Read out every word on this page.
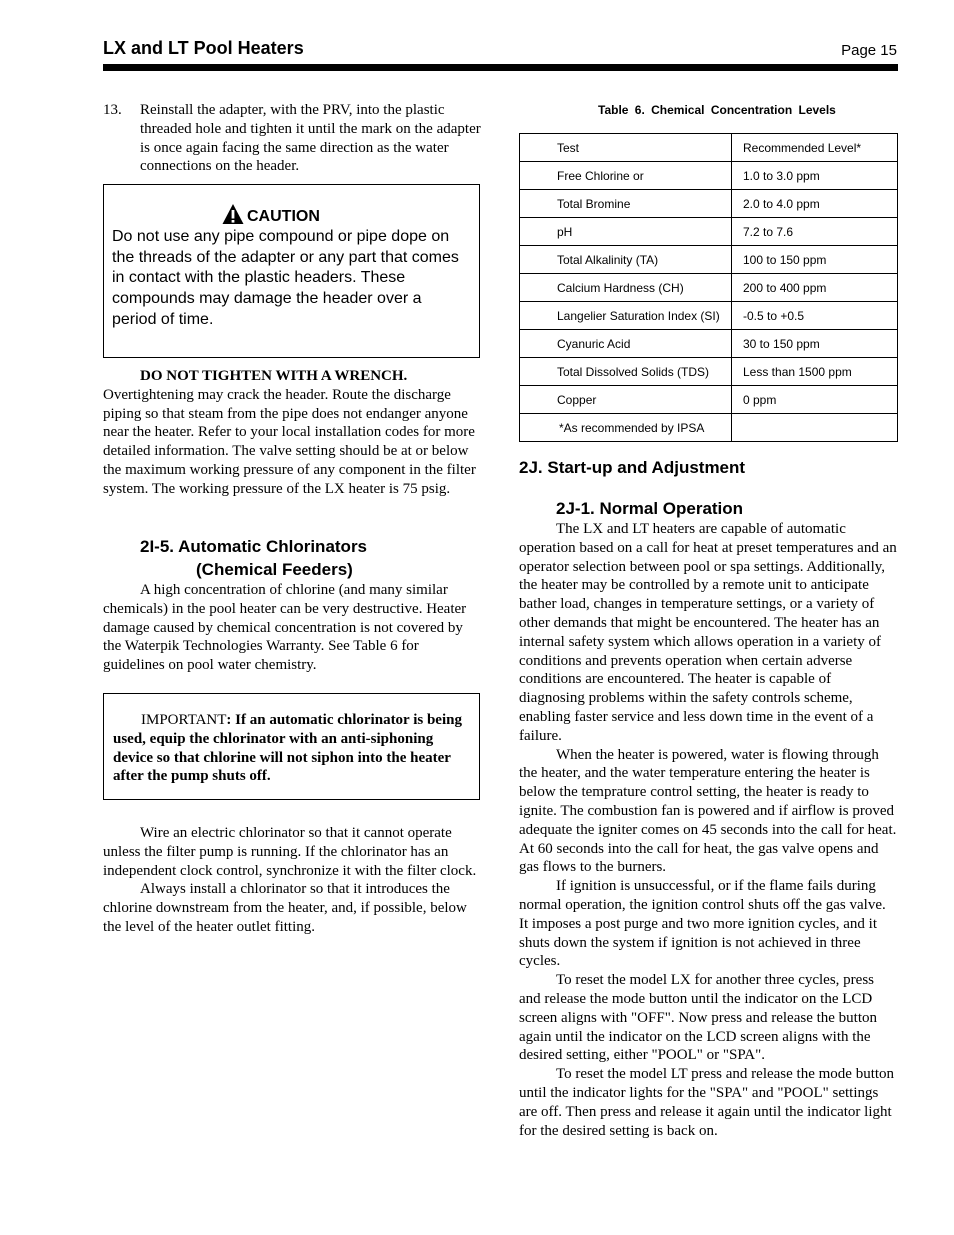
LX and LT Pool Heaters	Page 15
13. Reinstall the adapter, with the PRV, into the plastic threaded hole and tighten it until the mark on the adapter is once again facing the same direction as the water connections on the header.

CAUTION
Do not use any pipe compound or pipe dope on the threads of the adapter or any part that comes in contact with the plastic headers. These compounds may damage the header over a period of time.

DO NOT TIGHTEN WITH A WRENCH.

Overtightening may crack the header. Route the discharge piping so that steam from the pipe does not endanger anyone near the heater. Refer to your local installation codes for more detailed information. The valve setting should be at or below the maximum working pressure of any component in the filter system. The working pressure of the LX heater is 75 psig.

2I-5. Automatic Chlorinators
(Chemical Feeders)

A high concentration of chlorine (and many similar chemicals) in the pool heater can be very destructive. Heater damage caused by chemical concentration is not covered by the Waterpik Technologies Warranty. See Table 6 for guidelines on pool water chemistry.

IMPORTANT: If an automatic chlorinator is being used, equip the chlorinator with an anti-siphoning device so that chlorine will not siphon into the heater after the pump shuts off.

Wire an electric chlorinator so that it cannot operate unless the filter pump is running. If the chlorinator has an independent clock control, synchronize it with the filter clock.

Always install a chlorinator so that it introduces the chlorine downstream from the heater, and, if possible, below the level of the heater outlet fitting.

Table 6. Chemical Concentration Levels
Test	Recommended Level*
Free Chlorine or	1.0 to 3.0 ppm
Total Bromine	2.0 to 4.0 ppm
pH	7.2 to 7.6
Total Alkalinity (TA)	100 to 150 ppm
Calcium Hardness (CH)	200 to 400 ppm
Langelier Saturation Index (SI)	-0.5 to +0.5
Cyanuric Acid	30 to 150 ppm
Total Dissolved Solids (TDS)	Less than 1500 ppm
Copper	0 ppm
*As recommended by IPSA	
2J. Start-up and Adjustment
2J-1. Normal Operation

The LX and LT heaters are capable of automatic operation based on a call for heat at preset temperatures and an operator selection between pool or spa settings. Additionally, the heater may be controlled by a remote unit to anticipate bather load, changes in temperature settings, or a variety of other demands that might be encountered. The heater has an internal safety system which allows operation in a variety of conditions and prevents operation when certain adverse conditions are encountered. The heater is capable of diagnosing problems within the safety controls scheme, enabling faster service and less down time in the event of a failure.

When the heater is powered, water is flowing through the heater, and the water temperature entering the heater is below the temprature control setting, the heater is ready to ignite. The combustion fan is powered and if airflow is proved adequate the igniter comes on 45 seconds into the call for heat. At 60 seconds into the call for heat, the gas valve opens and gas flows to the burners.

If ignition is unsuccessful, or if the flame fails during normal operation, the ignition control shuts off the gas valve. It imposes a post purge and two more ignition cycles, and it shuts down the system if ignition is not achieved in three cycles.

To reset the model LX for another three cycles, press and release the mode button until the indicator on the LCD screen aligns with "OFF". Now press and release the button again until the indicator on the LCD screen aligns with the desired setting, either "POOL" or "SPA".

To reset the model LT press and release the mode button until the indicator lights for the "SPA" and "POOL" settings are off. Then press and release it again until the indicator light for the desired setting is back on.
